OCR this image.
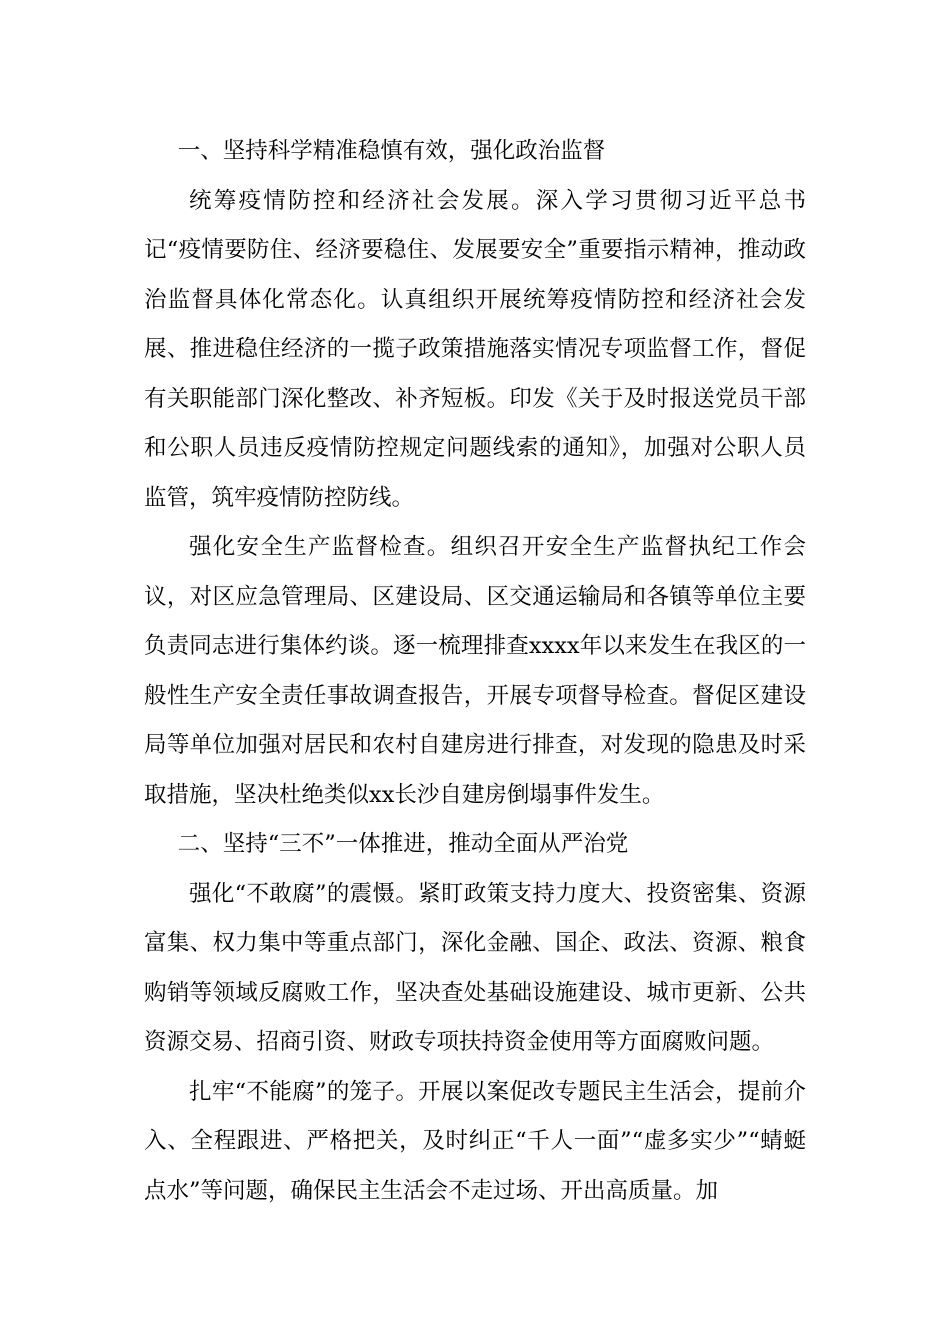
一、坚持科学精准稳慎有效，强化政治监督

统筹疫情防控和经济社会发展。深入学习贯彻习近平总书记“疫情要防住、经济要稳住、发展要安全”重要指示精神，推动政治监督具体化常态化。认真组织开展统筹疫情防控和经济社会发展、推进稳住经济的一揽子政策措施落实情况专项监督工作，督促有关职能部门深化整改、补齐短板。印发《关于及时报送党员干部和公职人员违反疫情防控规定问题线索的通知》，加强对公职人员监管，筑牢疫情防控防线。

强化安全生产监督检查。组织召开安全生产监督执纪工作会议，对区应急管理局、区建设局、区交通运输局和各镇等单位主要负责同志进行集体约谈。逐一梳理排查xxxx年以来发生在我区的一般性生产安全责任事故调查报告，开展专项督导检查。督促区建设局等单位加强对居民和农村自建房进行排查，对发现的隐患及时采取措施，坚决杜绝类似xx长沙自建房倒塌事件发生。

二、坚持“三不”一体推进，推动全面从严治党

强化“不敢腐”的震慑。紧盯政策支持力度大、投资密集、资源富集、权力集中等重点部门，深化金融、国企、政法、资源、粮食购销等领域反腐败工作，坚决查处基础设施建设、城市更新、公共资源交易、招商引资、财政专项扶持资金使用等方面腐败问题。

扎牢“不能腐”的笼子。开展以案促改专题民主生活会，提前介入、全程跟进、严格把关，及时纠正“千人一面”“虚多实少”“蜻蜓点水”等问题，确保民主生活会不走过场、开出高质量。加
